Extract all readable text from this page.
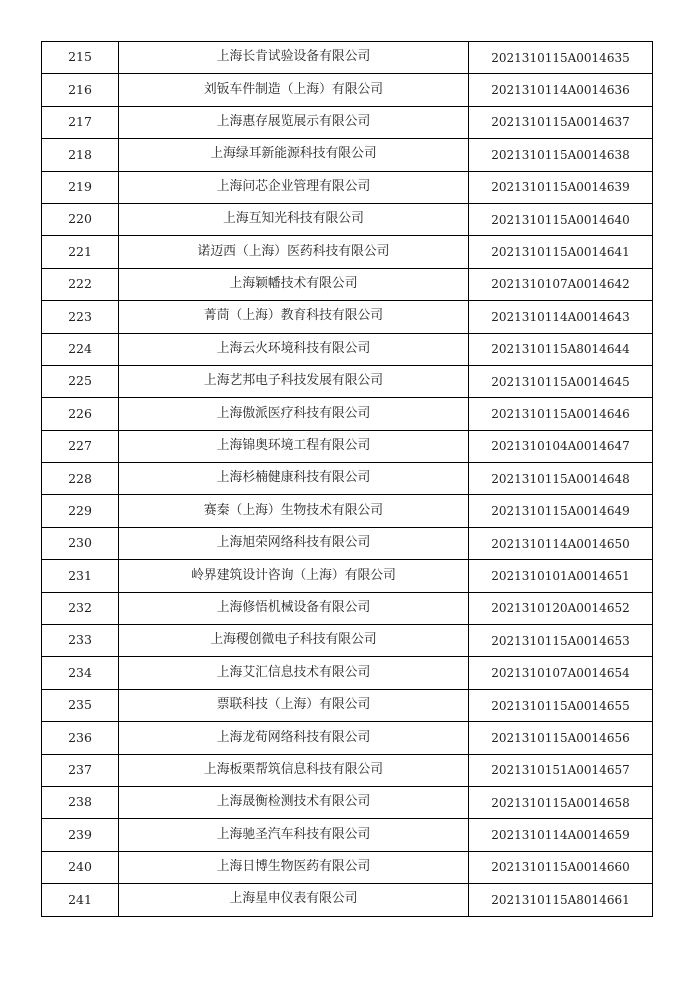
215	上海长肯试验设备有限公司	2021310115A0014635
216	刘钣车件制造（上海）有限公司	2021310114A0014636
217	上海惠存展览展示有限公司	2021310115A0014637
218	上海绿耳新能源科技有限公司	2021310115A0014638
219	上海问芯企业管理有限公司	2021310115A0014639
220	上海互知光科技有限公司	2021310115A0014640
221	诺迈西（上海）医药科技有限公司	2021310115A0014641
222	上海颖幡技术有限公司	2021310107A0014642
223	菁茼（上海）教育科技有限公司	2021310114A0014643
224	上海云火环境科技有限公司	2021310115A8014644
225	上海艺邦电子科技发展有限公司	2021310115A0014645
226	上海傲派医疗科技有限公司	2021310115A0014646
227	上海锦奥环境工程有限公司	2021310104A0014647
228	上海杉楠健康科技有限公司	2021310115A0014648
229	赛秦（上海）生物技术有限公司	2021310115A0014649
230	上海旭荣网络科技有限公司	2021310114A0014650
231	岭界建筑设计咨询（上海）有限公司	2021310101A0014651
232	上海修悟机械设备有限公司	2021310120A0014652
233	上海稷创微电子科技有限公司	2021310115A0014653
234	上海艾汇信息技术有限公司	2021310107A0014654
235	票联科技（上海）有限公司	2021310115A0014655
236	上海龙荀网络科技有限公司	2021310115A0014656
237	上海板栗帮筑信息科技有限公司	2021310151A0014657
238	上海晟衡检测技术有限公司	2021310115A0014658
239	上海驰圣汽车科技有限公司	2021310114A0014659
240	上海日博生物医药有限公司	2021310115A0014660
241	上海星申仪表有限公司	2021310115A8014661
